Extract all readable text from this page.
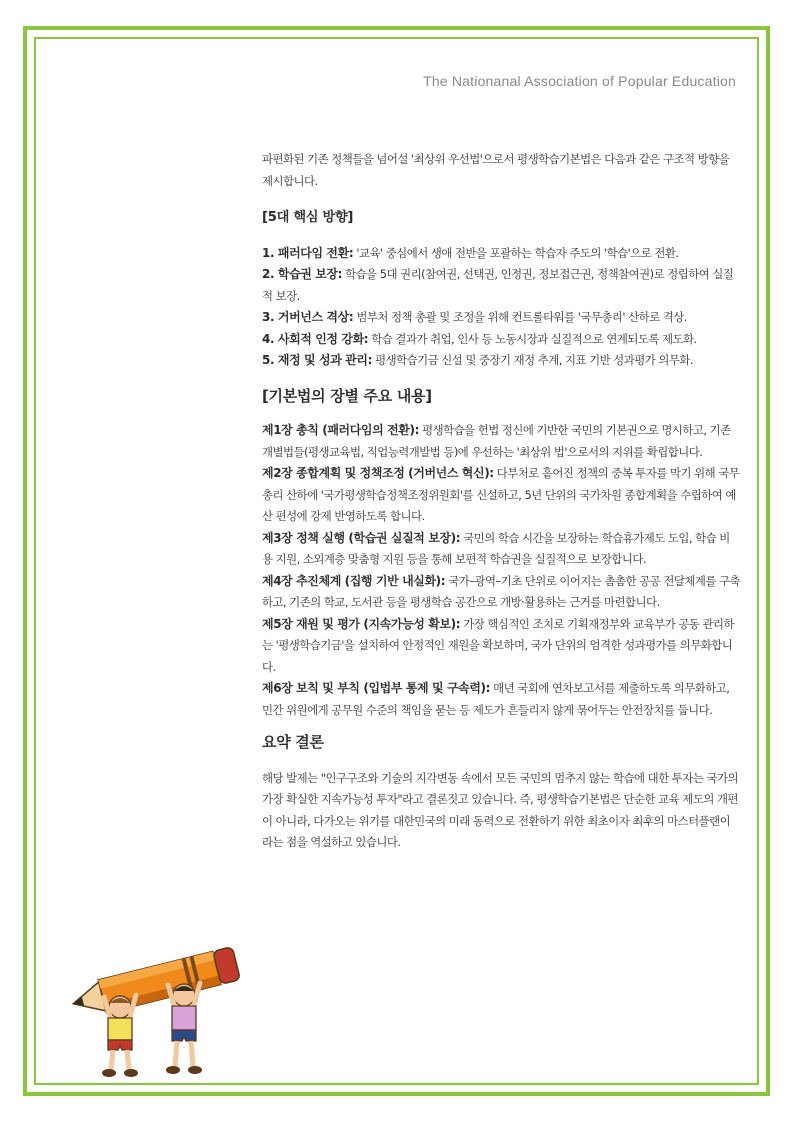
The Nationanal Association of Popular Education

파편화된 기존 정책들을 넘어설 '최상위 우선법'으로서 평생학습기본법은 다음과 같은 구조적 방향을 제시합니다.

[5대 핵심 방향]

1. 패러다임 전환: '교육' 중심에서 생애 전반을 포괄하는 학습자 주도의 '학습'으로 전환.

2. 학습권 보장: 학습을 5대 권리(참여권, 선택권, 인정권, 정보접근권, 정책참여권)로 정립하여 실질적 보장.

3. 거버넌스 격상: 범부처 정책 총괄 및 조정을 위해 컨트롤타워를 '국무총리' 산하로 격상.

4. 사회적 인정 강화: 학습 결과가 취업, 인사 등 노동시장과 실질적으로 연계되도록 제도화.

5. 재정 및 성과 관리: 평생학습기금 신설 및 중장기 재정 추계, 지표 기반 성과평가 의무화.

[기본법의 장별 주요 내용]

제1장 총칙 (패러다임의 전환): 평생학습을 헌법 정신에 기반한 국민의 기본권으로 명시하고, 기존 개별법들(평생교육법, 직업능력개발법 등)에 우선하는 '최상위 법'으로서의 지위를 확립합니다.

제2장 종합계획 및 정책조정 (거버넌스 혁신): 다부처로 흩어진 정책의 중복 투자를 막기 위해 국무총리 산하에 '국가평생학습정책조정위원회'를 신설하고, 5년 단위의 국가차원 종합계획을 수립하여 예산 편성에 강제 반영하도록 합니다.

제3장 정책 실행 (학습권 실질적 보장): 국민의 학습 시간을 보장하는 학습휴가제도 도입, 학습 비용 지원, 소외계층 맞춤형 지원 등을 통해 보편적 학습권을 실질적으로 보장합니다.

제4장 추진체계 (집행 기반 내실화): 국가–광역–기초 단위로 이어지는 촘촘한 공공 전달체계를 구축하고, 기존의 학교, 도서관 등을 평생학습 공간으로 개방·활용하는 근거를 마련합니다.

제5장 재원 및 평가 (지속가능성 확보): 가장 핵심적인 조치로 기획재정부와 교육부가 공동 관리하는 '평생학습기금'을 설치하여 안정적인 재원을 확보하며, 국가 단위의 엄격한 성과평가를 의무화합니다.

제6장 보칙 및 부칙 (입법부 통제 및 구속력): 매년 국회에 연차보고서를 제출하도록 의무화하고, 민간 위원에게 공무원 수준의 책임을 묻는 등 제도가 흔들리지 않게 묶어두는 안전장치를 둡니다.

요약 결론

해당 발제는 "인구구조와 기술의 지각변동 속에서 모든 국민의 멈추지 않는 학습에 대한 투자는 국가의 가장 확실한 지속가능성 투자"라고 결론짓고 있습니다. 즉, 평생학습기본법은 단순한 교육 제도의 개편이 아니라, 다가오는 위기를 대한민국의 미래 동력으로 전환하기 위한 최초이자 최후의 마스터플랜이라는 점을 역설하고 있습니다.
